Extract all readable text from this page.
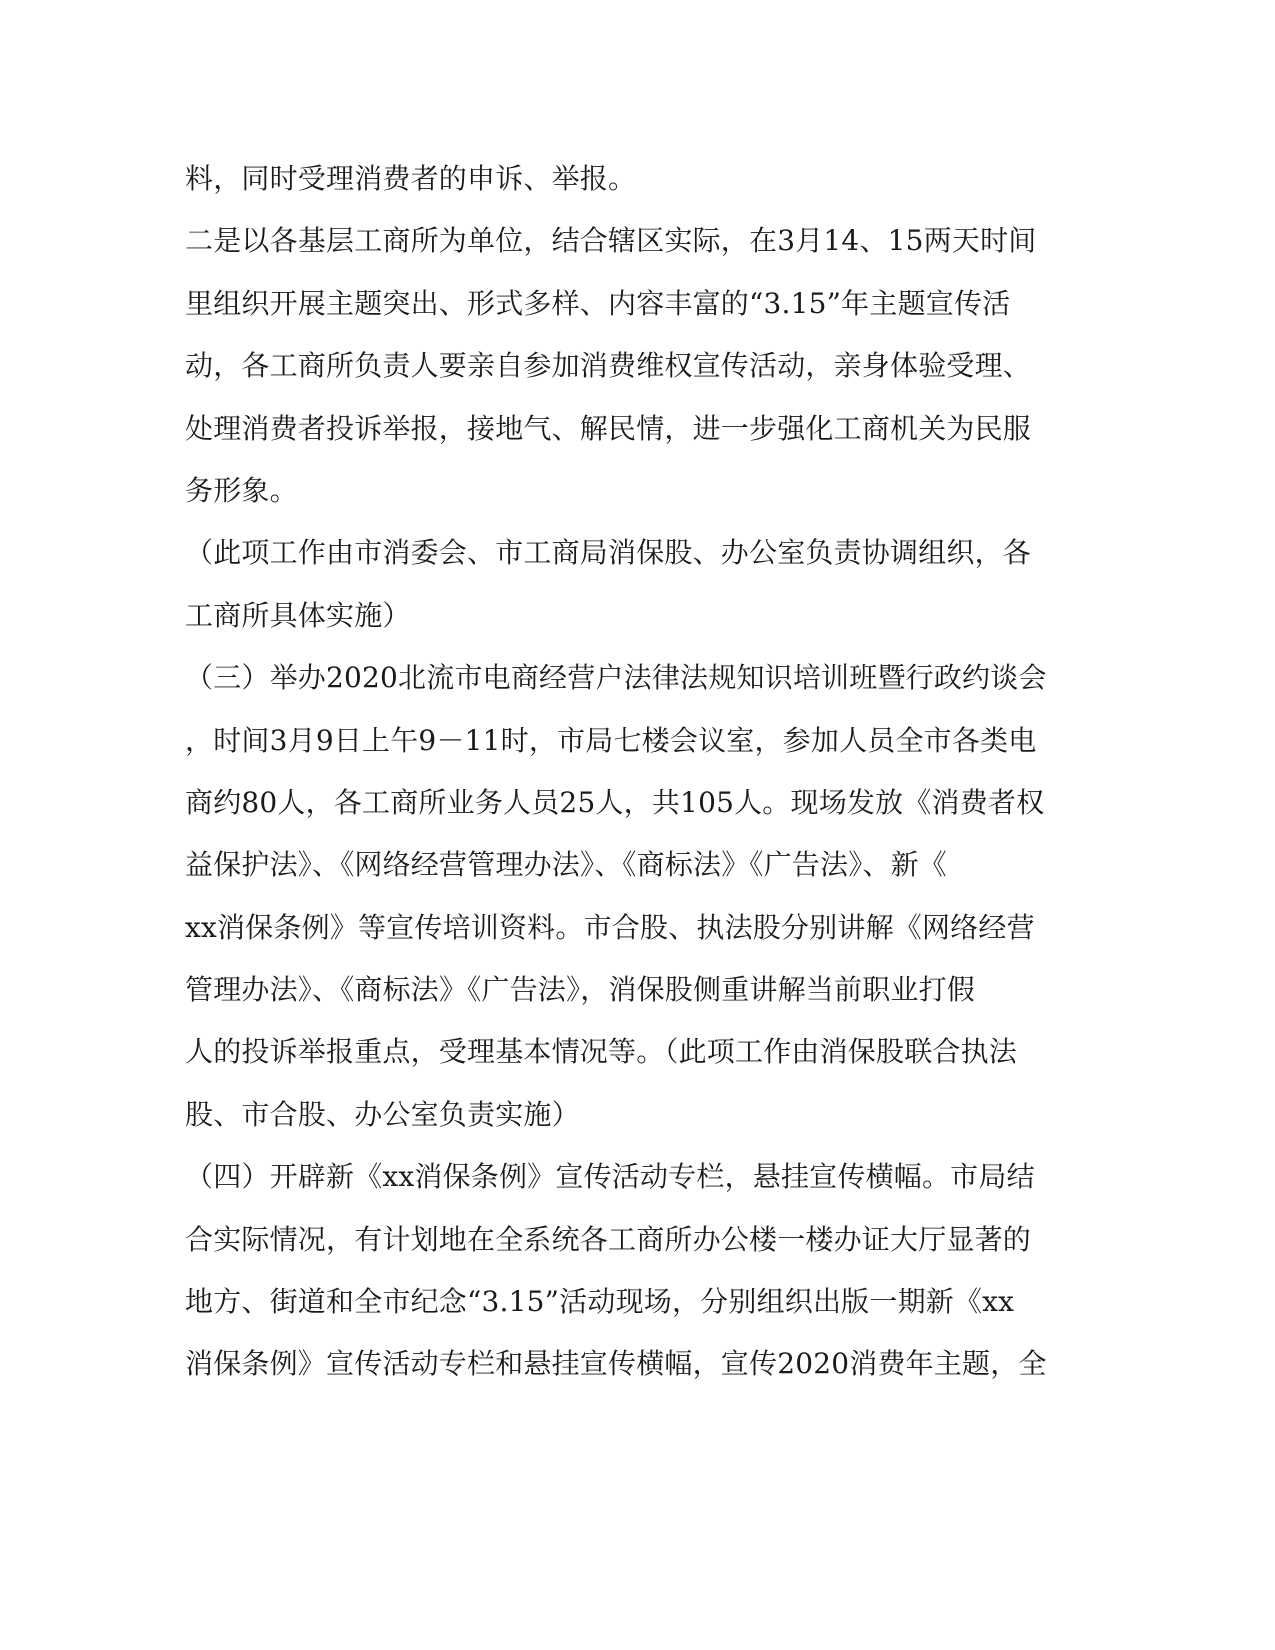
料，同时受理消费者的申诉、举报。
二是以各基层工商所为单位，结合辖区实际，在3月14、15两天时间
里组织开展主题突出、形式多样、内容丰富的“3.15”年主题宣传活
动，各工商所负责人要亲自参加消费维权宣传活动，亲身体验受理、
处理消费者投诉举报，接地气、解民情，进一步强化工商机关为民服
务形象。
（此项工作由市消委会、市工商局消保股、办公室负责协调组织，各
工商所具体实施）
（三）举办2020北流市电商经营户法律法规知识培训班暨行政约谈会
，时间3月9日上午9－11时，市局七楼会议室，参加人员全市各类电
商约80人，各工商所业务人员25人，共105人。现场发放《消费者权
益保护法》、《网络经营管理办法》、《商标法》《广告法》、新《
xx消保条例》等宣传培训资料。市合股、执法股分别讲解《网络经营
管理办法》、《商标法》《广告法》，消保股侧重讲解当前职业打假
人的投诉举报重点，受理基本情况等。（此项工作由消保股联合执法
股、市合股、办公室负责实施）
（四）开辟新《xx消保条例》宣传活动专栏，悬挂宣传横幅。市局结
合实际情况，有计划地在全系统各工商所办公楼一楼办证大厅显著的
地方、街道和全市纪念“3.15”活动现场，分别组织出版一期新《xx
消保条例》宣传活动专栏和悬挂宣传横幅，宣传2020消费年主题，全
